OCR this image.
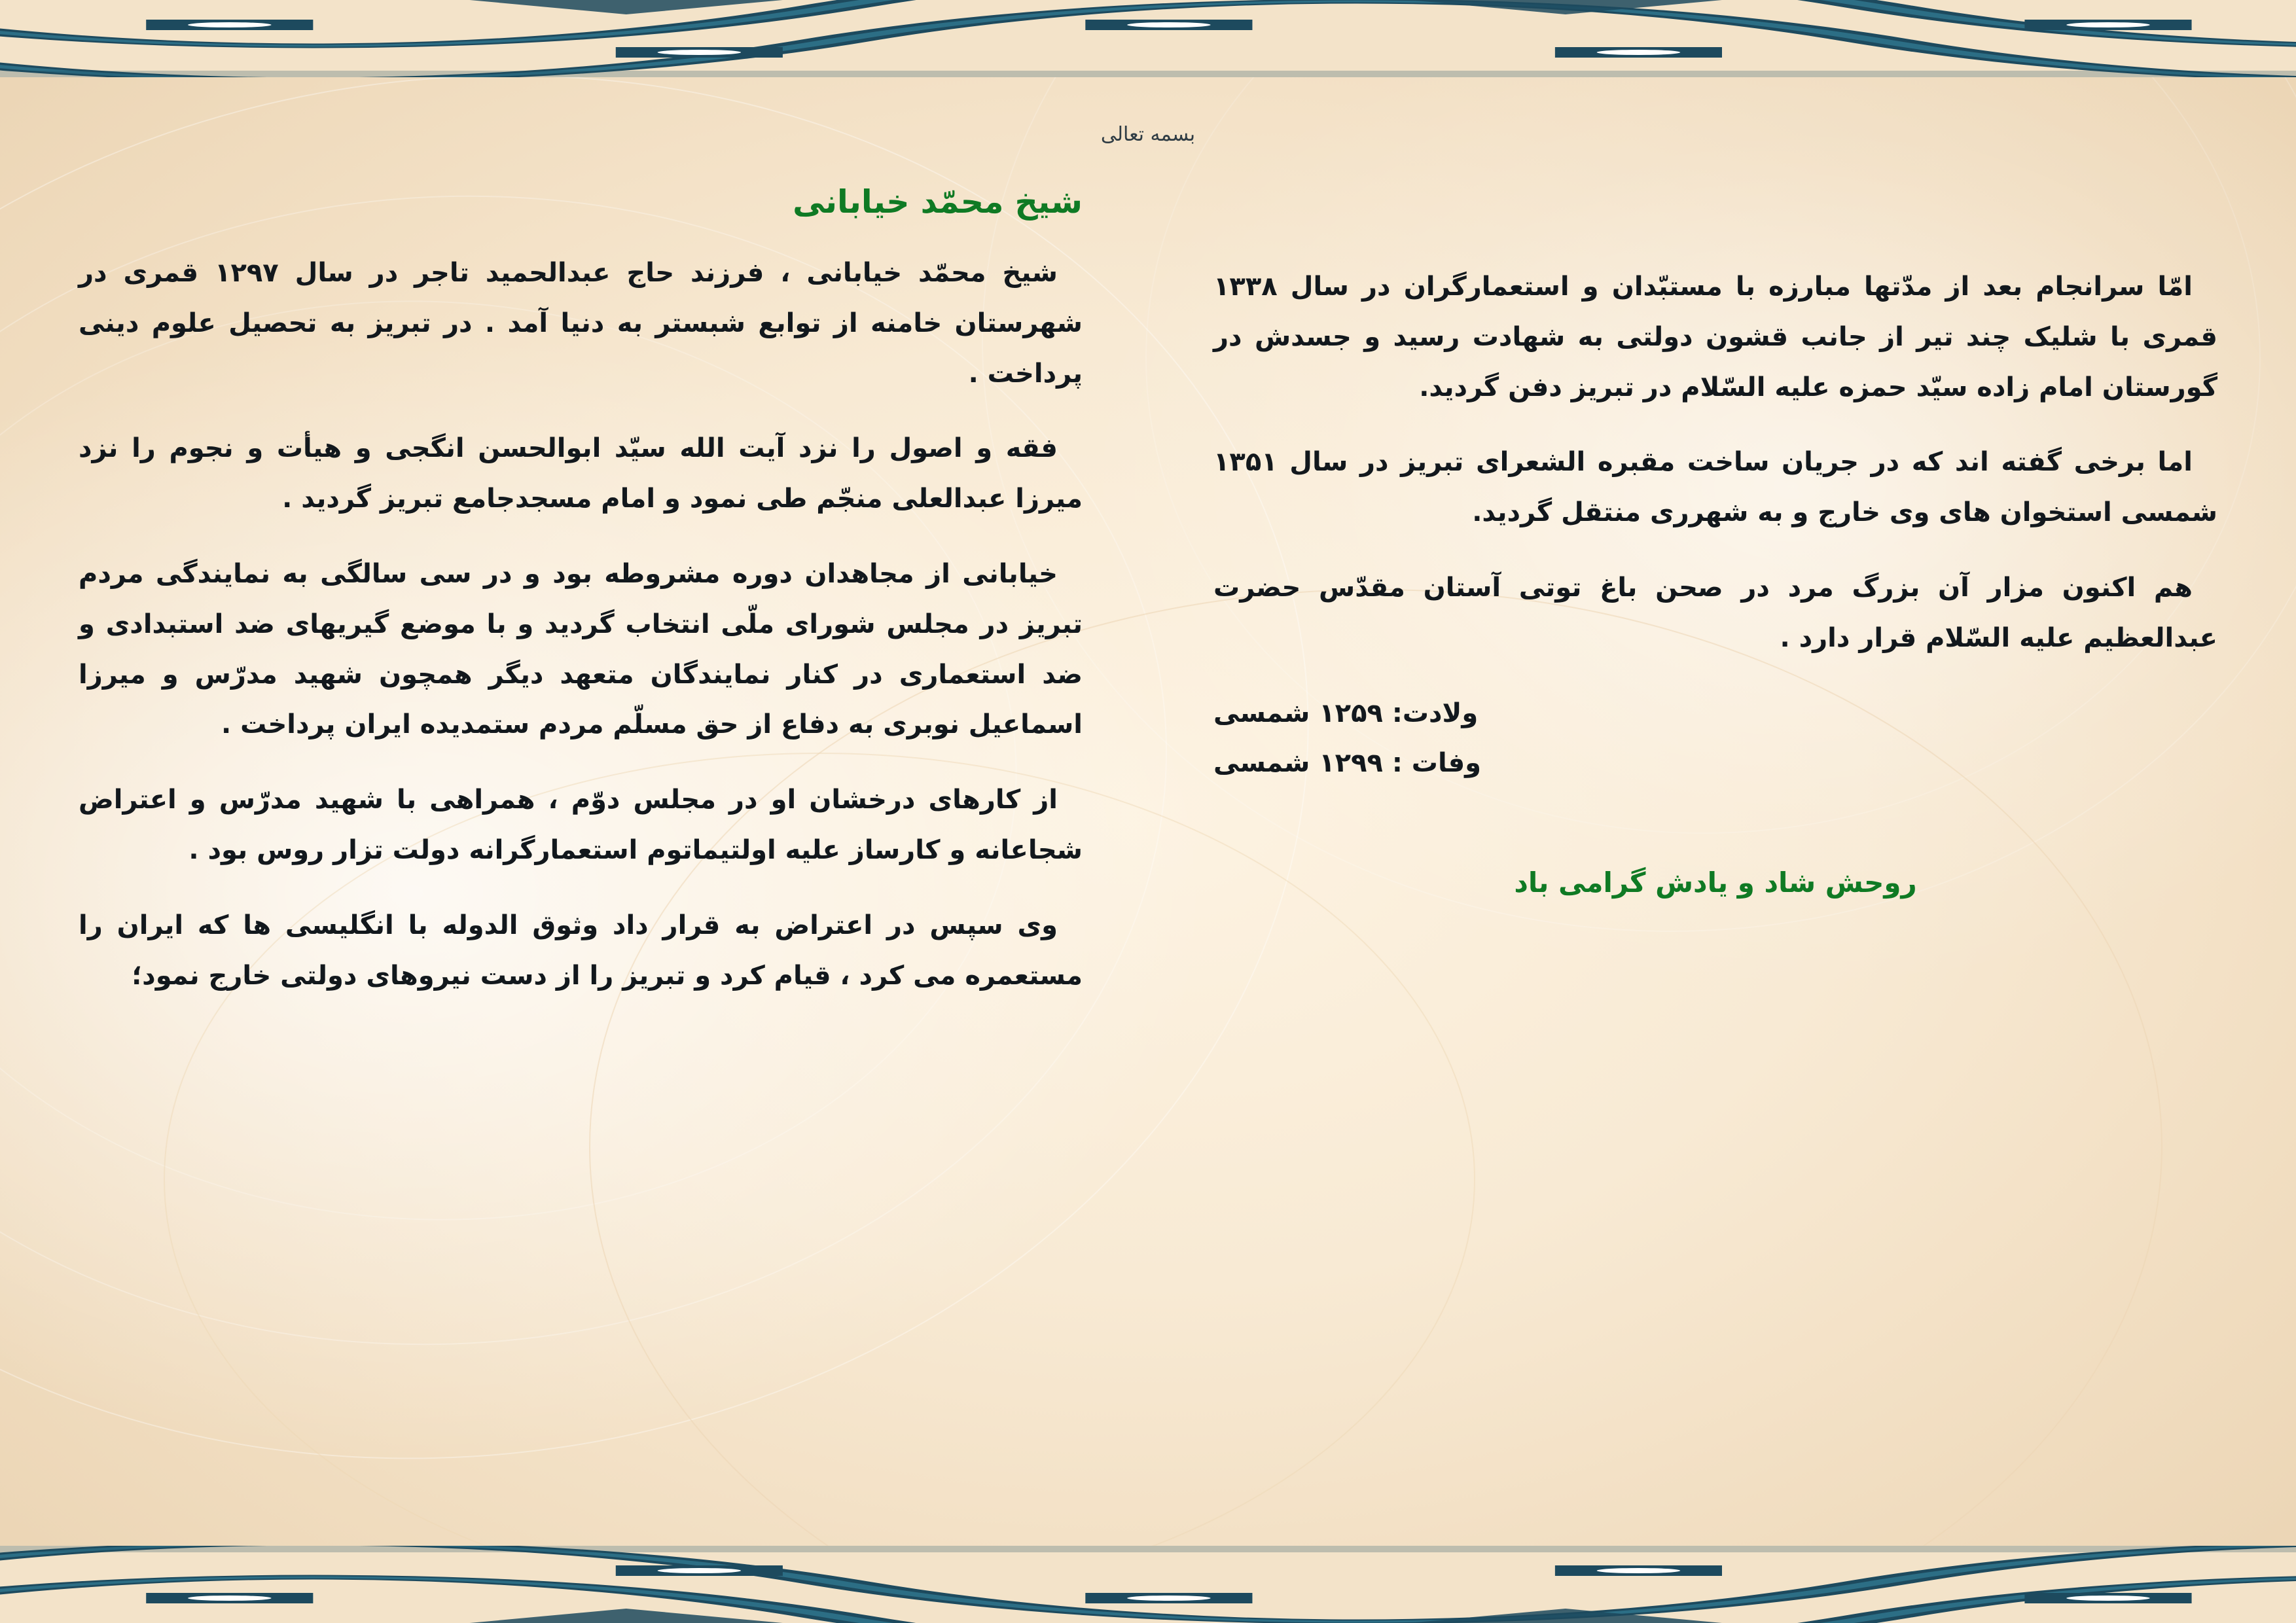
بسمه تعالی

امّا سرانجام بعد از مدّتها مبارزه با مستبّدان و استعمارگران در سال ۱۳۳۸ قمری با شلیک چند تیر از جانب قشون دولتی به شهادت رسید و جسدش در گورستان امام زاده سیّد حمزه علیه السّلام در تبریز دفن گردید.

اما برخی گفته اند که در جریان ساخت مقبره الشعرای تبریز در سال ۱۳۵۱ شمسی استخوان های وی خارج و به شهرری منتقل گردید.

هم اکنون مزار آن بزرگ مرد در صحن باغ توتی آستان مقدّس حضرت عبدالعظیم علیه السّلام قرار دارد .

ولادت: ۱۲۵۹ شمسی

وفات : ۱۲۹۹ شمسی

روحش شاد و یادش گرامی باد
شیخ محمّد خیابانی

شیخ محمّد خیابانی ، فرزند حاج عبدالحمید تاجر در سال ۱۲۹۷ قمری در شهرستان خامنه از توابع شبستر به دنیا آمد . در تبریز به تحصیل علوم دینی پرداخت .

فقه و اصول را نزد آیت الله سیّد ابوالحسن انگجی و هیأت و نجوم را نزد میرزا عبدالعلی منجّم طی نمود و امام مسجدجامع تبریز گردید .

خیابانی از مجاهدان دوره مشروطه بود و در سی سالگی به نمایندگی مردم تبریز در مجلس شورای ملّی انتخاب گردید و با موضع گیریهای ضد استبدادی و ضد استعماری در کنار نمایندگان متعهد دیگر همچون شهید مدرّس و میرزا اسماعیل نوبری به دفاع از حق مسلّم مردم ستمدیده ایران پرداخت .

از کارهای درخشان او در مجلس دوّم ، همراهی با شهید مدرّس و اعتراض شجاعانه و کارساز علیه اولتیماتوم استعمارگرانه دولت تزار روس بود .

وی سپس در اعتراض به قرار داد وثوق الدوله با انگلیسی ها که ایران را مستعمره می کرد ، قیام کرد و تبریز را از دست نیروهای دولتی خارج نمود؛
